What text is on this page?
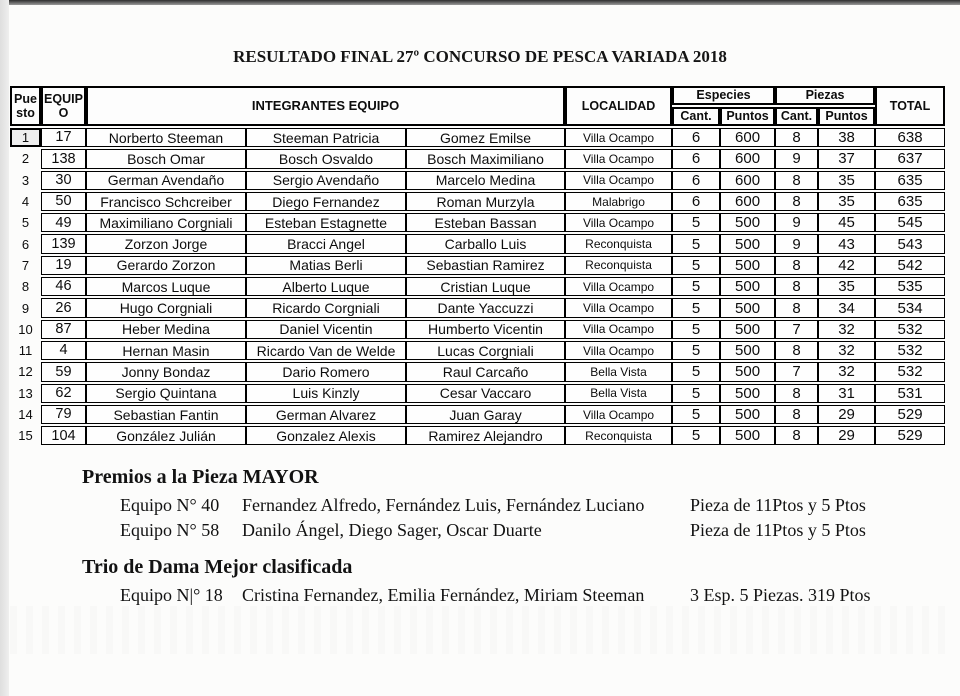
RESULTADO FINAL 27º CONCURSO DE PESCA VARIADA 2018
Pue sto	EQUIP O	INTEGRANTES EQUIPO			LOCALIDAD	Especies		Piezas		TOTAL
						Cant.	Puntos	Cant.	Puntos	
1	17	Norberto Steeman	Steeman Patricia	Gomez Emilse	Villa Ocampo	6	600	8	38	638
2	138	Bosch Omar	Bosch Osvaldo	Bosch Maximiliano	Villa Ocampo	6	600	9	37	637
3	30	German Avendaño	Sergio Avendaño	Marcelo Medina	Villa Ocampo	6	600	8	35	635
4	50	Francisco Schcreiber	Diego Fernandez	Roman Murzyla	Malabrigo	6	600	8	35	635
5	49	Maximiliano Corgniali	Esteban Estagnette	Esteban Bassan	Villa Ocampo	5	500	9	45	545
6	139	Zorzon Jorge	Bracci Angel	Carballo Luis	Reconquista	5	500	9	43	543
7	19	Gerardo Zorzon	Matias Berli	Sebastian Ramirez	Reconquista	5	500	8	42	542
8	46	Marcos Luque	Alberto Luque	Cristian Luque	Villa Ocampo	5	500	8	35	535
9	26	Hugo Corgniali	Ricardo Corgniali	Dante Yaccuzzi	Villa Ocampo	5	500	8	34	534
10	87	Heber Medina	Daniel Vicentin	Humberto Vicentin	Villa Ocampo	5	500	7	32	532
11	4	Hernan Masin	Ricardo Van de Welde	Lucas Corgniali	Villa Ocampo	5	500	8	32	532
12	59	Jonny Bondaz	Dario Romero	Raul Carcaño	Bella Vista	5	500	7	32	532
13	62	Sergio Quintana	Luis Kinzly	Cesar Vaccaro	Bella Vista	5	500	8	31	531
14	79	Sebastian Fantin	German Alvarez	Juan Garay	Villa Ocampo	5	500	8	29	529
15	104	González Julián	Gonzalez Alexis	Ramirez Alejandro	Reconquista	5	500	8	29	529
Premios a la Pieza MAYOR
Equipo N° 40	Fernandez Alfredo, Fernández Luis, Fernández Luciano	Pieza de 11Ptos y 5 Ptos
Equipo N° 58	Danilo Ángel, Diego Sager, Oscar Duarte	Pieza de 11Ptos y 5 Ptos
Trio de Dama Mejor clasificada
Equipo N|° 18	Cristina Fernandez, Emilia Fernández, Miriam Steeman	3 Esp. 5 Piezas. 319 Ptos
